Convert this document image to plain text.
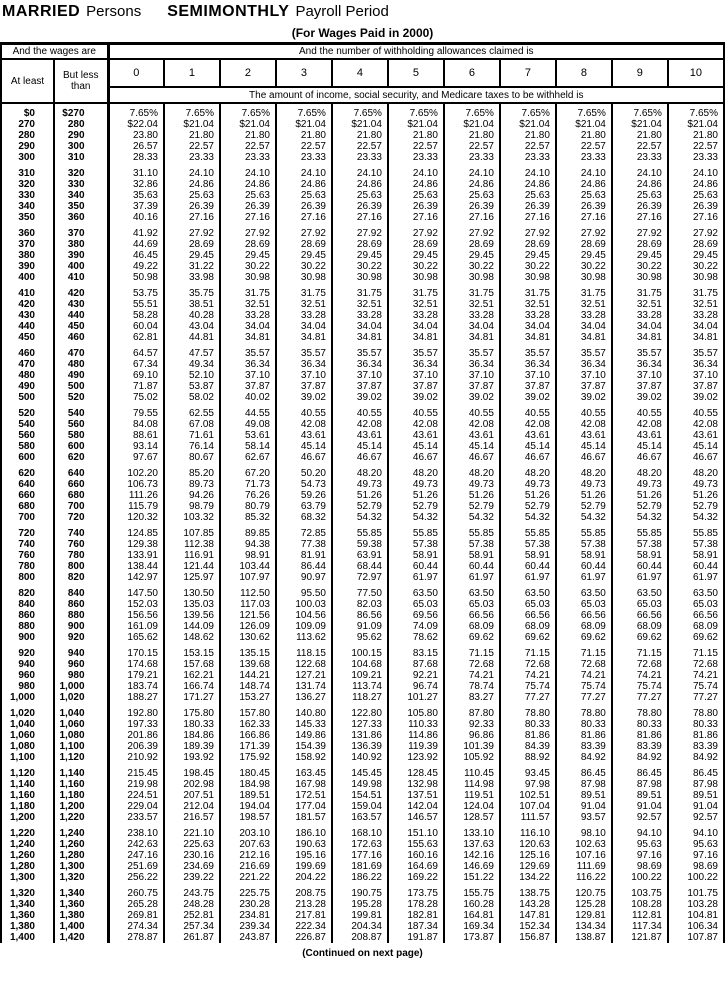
MARRIED Persons SEMIMONTHLY Payroll Period
(For Wages Paid in 2000)
And the wages are		And the number of withholding allowances claimed is										
At least	But less than	0	1	2	3	4	5	6	7	8	9	10
		The amount of income, social security, and Medicare taxes to be withheld is										
$0	$270	7.65%	7.65%	7.65%	7.65%	7.65%	7.65%	7.65%	7.65%	7.65%	7.65%	7.65%
270	280	$22.04	$21.04	$21.04	$21.04	$21.04	$21.04	$21.04	$21.04	$21.04	$21.04	$21.04
280	290	23.80	21.80	21.80	21.80	21.80	21.80	21.80	21.80	21.80	21.80	21.80
290	300	26.57	22.57	22.57	22.57	22.57	22.57	22.57	22.57	22.57	22.57	22.57
300	310	28.33	23.33	23.33	23.33	23.33	23.33	23.33	23.33	23.33	23.33	23.33

310	320	31.10	24.10	24.10	24.10	24.10	24.10	24.10	24.10	24.10	24.10	24.10
320	330	32.86	24.86	24.86	24.86	24.86	24.86	24.86	24.86	24.86	24.86	24.86
330	340	35.63	25.63	25.63	25.63	25.63	25.63	25.63	25.63	25.63	25.63	25.63
340	350	37.39	26.39	26.39	26.39	26.39	26.39	26.39	26.39	26.39	26.39	26.39
350	360	40.16	27.16	27.16	27.16	27.16	27.16	27.16	27.16	27.16	27.16	27.16

360	370	41.92	27.92	27.92	27.92	27.92	27.92	27.92	27.92	27.92	27.92	27.92
370	380	44.69	28.69	28.69	28.69	28.69	28.69	28.69	28.69	28.69	28.69	28.69
380	390	46.45	29.45	29.45	29.45	29.45	29.45	29.45	29.45	29.45	29.45	29.45
390	400	49.22	31.22	30.22	30.22	30.22	30.22	30.22	30.22	30.22	30.22	30.22
400	410	50.98	33.98	30.98	30.98	30.98	30.98	30.98	30.98	30.98	30.98	30.98

410	420	53.75	35.75	31.75	31.75	31.75	31.75	31.75	31.75	31.75	31.75	31.75
420	430	55.51	38.51	32.51	32.51	32.51	32.51	32.51	32.51	32.51	32.51	32.51
430	440	58.28	40.28	33.28	33.28	33.28	33.28	33.28	33.28	33.28	33.28	33.28
440	450	60.04	43.04	34.04	34.04	34.04	34.04	34.04	34.04	34.04	34.04	34.04
450	460	62.81	44.81	34.81	34.81	34.81	34.81	34.81	34.81	34.81	34.81	34.81

460	470	64.57	47.57	35.57	35.57	35.57	35.57	35.57	35.57	35.57	35.57	35.57
470	480	67.34	49.34	36.34	36.34	36.34	36.34	36.34	36.34	36.34	36.34	36.34
480	490	69.10	52.10	37.10	37.10	37.10	37.10	37.10	37.10	37.10	37.10	37.10
490	500	71.87	53.87	37.87	37.87	37.87	37.87	37.87	37.87	37.87	37.87	37.87
500	520	75.02	58.02	40.02	39.02	39.02	39.02	39.02	39.02	39.02	39.02	39.02

520	540	79.55	62.55	44.55	40.55	40.55	40.55	40.55	40.55	40.55	40.55	40.55
540	560	84.08	67.08	49.08	42.08	42.08	42.08	42.08	42.08	42.08	42.08	42.08
560	580	88.61	71.61	53.61	43.61	43.61	43.61	43.61	43.61	43.61	43.61	43.61
580	600	93.14	76.14	58.14	45.14	45.14	45.14	45.14	45.14	45.14	45.14	45.14
600	620	97.67	80.67	62.67	46.67	46.67	46.67	46.67	46.67	46.67	46.67	46.67

620	640	102.20	85.20	67.20	50.20	48.20	48.20	48.20	48.20	48.20	48.20	48.20
640	660	106.73	89.73	71.73	54.73	49.73	49.73	49.73	49.73	49.73	49.73	49.73
660	680	111.26	94.26	76.26	59.26	51.26	51.26	51.26	51.26	51.26	51.26	51.26
680	700	115.79	98.79	80.79	63.79	52.79	52.79	52.79	52.79	52.79	52.79	52.79
700	720	120.32	103.32	85.32	68.32	54.32	54.32	54.32	54.32	54.32	54.32	54.32

720	740	124.85	107.85	89.85	72.85	55.85	55.85	55.85	55.85	55.85	55.85	55.85
740	760	129.38	112.38	94.38	77.38	59.38	57.38	57.38	57.38	57.38	57.38	57.38
760	780	133.91	116.91	98.91	81.91	63.91	58.91	58.91	58.91	58.91	58.91	58.91
780	800	138.44	121.44	103.44	86.44	68.44	60.44	60.44	60.44	60.44	60.44	60.44
800	820	142.97	125.97	107.97	90.97	72.97	61.97	61.97	61.97	61.97	61.97	61.97

820	840	147.50	130.50	112.50	95.50	77.50	63.50	63.50	63.50	63.50	63.50	63.50
840	860	152.03	135.03	117.03	100.03	82.03	65.03	65.03	65.03	65.03	65.03	65.03
860	880	156.56	139.56	121.56	104.56	86.56	69.56	66.56	66.56	66.56	66.56	66.56
880	900	161.09	144.09	126.09	109.09	91.09	74.09	68.09	68.09	68.09	68.09	68.09
900	920	165.62	148.62	130.62	113.62	95.62	78.62	69.62	69.62	69.62	69.62	69.62

920	940	170.15	153.15	135.15	118.15	100.15	83.15	71.15	71.15	71.15	71.15	71.15
940	960	174.68	157.68	139.68	122.68	104.68	87.68	72.68	72.68	72.68	72.68	72.68
960	980	179.21	162.21	144.21	127.21	109.21	92.21	74.21	74.21	74.21	74.21	74.21
980	1,000	183.74	166.74	148.74	131.74	113.74	96.74	78.74	75.74	75.74	75.74	75.74
1,000	1,020	188.27	171.27	153.27	136.27	118.27	101.27	83.27	77.27	77.27	77.27	77.27

1,020	1,040	192.80	175.80	157.80	140.80	122.80	105.80	87.80	78.80	78.80	78.80	78.80
1,040	1,060	197.33	180.33	162.33	145.33	127.33	110.33	92.33	80.33	80.33	80.33	80.33
1,060	1,080	201.86	184.86	166.86	149.86	131.86	114.86	96.86	81.86	81.86	81.86	81.86
1,080	1,100	206.39	189.39	171.39	154.39	136.39	119.39	101.39	84.39	83.39	83.39	83.39
1,100	1,120	210.92	193.92	175.92	158.92	140.92	123.92	105.92	88.92	84.92	84.92	84.92

1,120	1,140	215.45	198.45	180.45	163.45	145.45	128.45	110.45	93.45	86.45	86.45	86.45
1,140	1,160	219.98	202.98	184.98	167.98	149.98	132.98	114.98	97.98	87.98	87.98	87.98
1,160	1,180	224.51	207.51	189.51	172.51	154.51	137.51	119.51	102.51	89.51	89.51	89.51
1,180	1,200	229.04	212.04	194.04	177.04	159.04	142.04	124.04	107.04	91.04	91.04	91.04
1,200	1,220	233.57	216.57	198.57	181.57	163.57	146.57	128.57	111.57	93.57	92.57	92.57

1,220	1,240	238.10	221.10	203.10	186.10	168.10	151.10	133.10	116.10	98.10	94.10	94.10
1,240	1,260	242.63	225.63	207.63	190.63	172.63	155.63	137.63	120.63	102.63	95.63	95.63
1,260	1,280	247.16	230.16	212.16	195.16	177.16	160.16	142.16	125.16	107.16	97.16	97.16
1,280	1,300	251.69	234.69	216.69	199.69	181.69	164.69	146.69	129.69	111.69	98.69	98.69
1,300	1,320	256.22	239.22	221.22	204.22	186.22	169.22	151.22	134.22	116.22	100.22	100.22

1,320	1,340	260.75	243.75	225.75	208.75	190.75	173.75	155.75	138.75	120.75	103.75	101.75
1,340	1,360	265.28	248.28	230.28	213.28	195.28	178.28	160.28	143.28	125.28	108.28	103.28
1,360	1,380	269.81	252.81	234.81	217.81	199.81	182.81	164.81	147.81	129.81	112.81	104.81
1,380	1,400	274.34	257.34	239.34	222.34	204.34	187.34	169.34	152.34	134.34	117.34	106.34
1,400	1,420	278.87	261.87	243.87	226.87	208.87	191.87	173.87	156.87	138.87	121.87	107.87
(Continued on next page)
